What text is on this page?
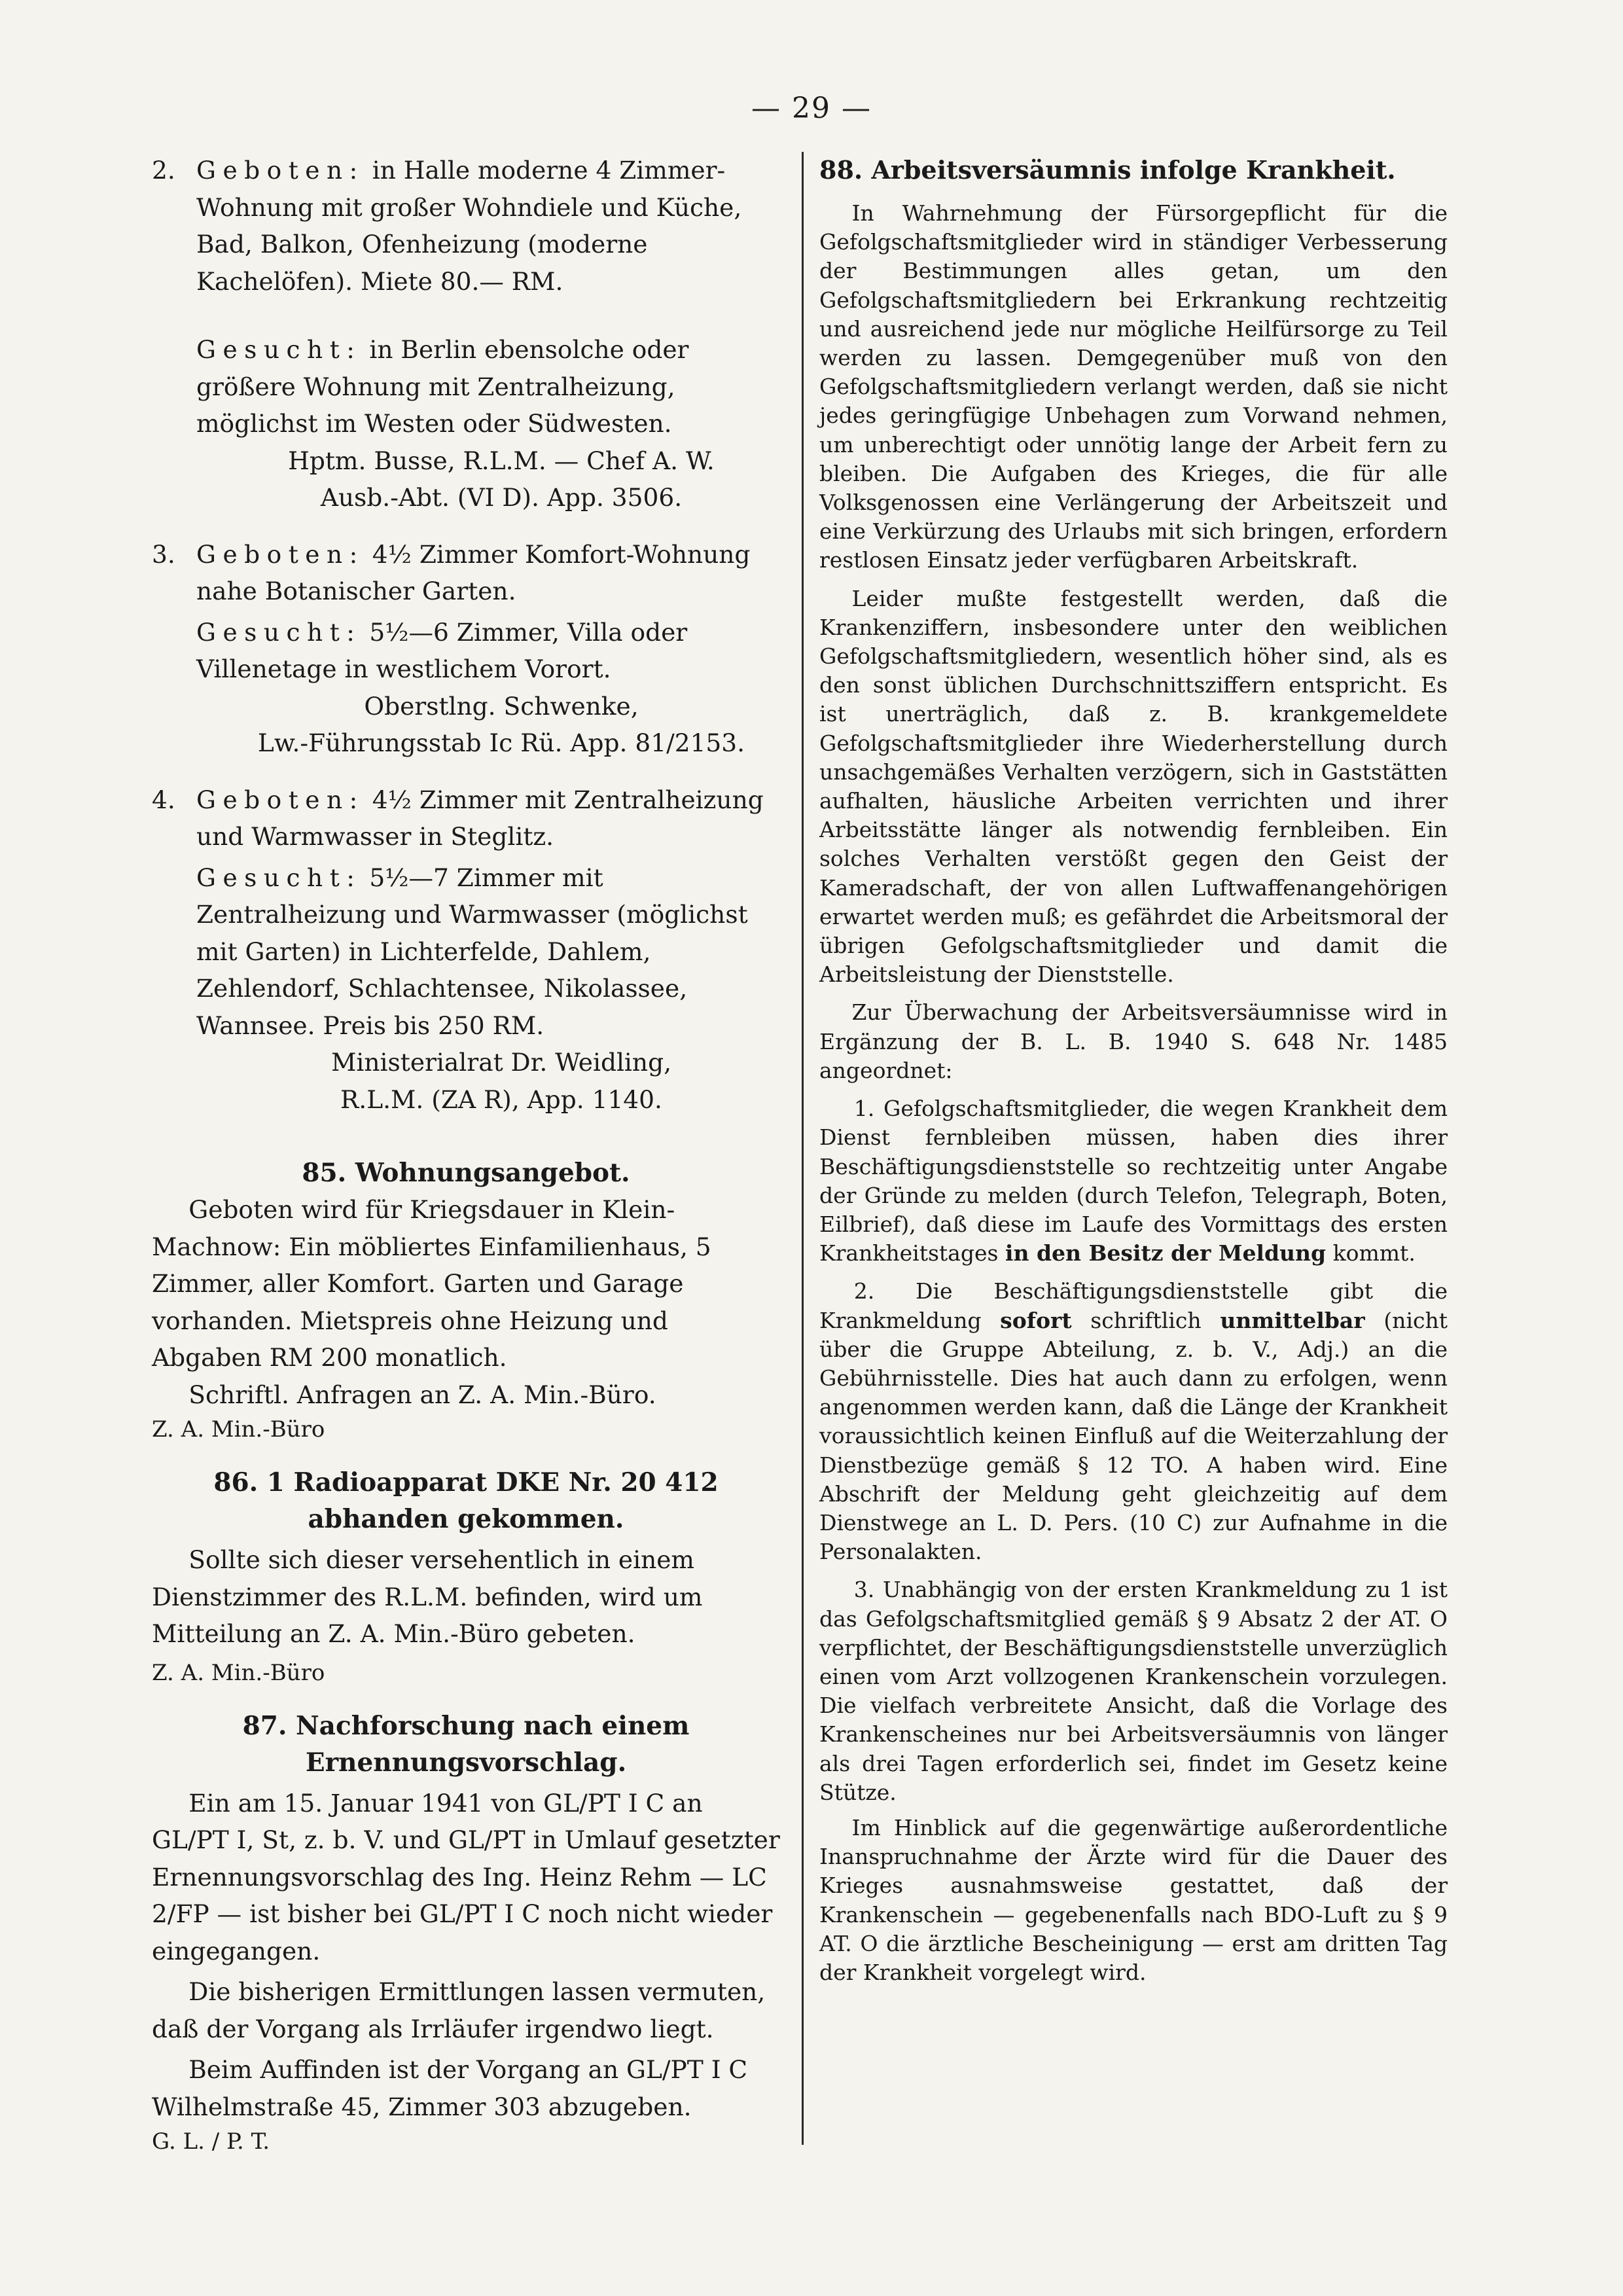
— 29 —
2. Geboten: in Halle moderne 4 Zimmer-Wohnung mit großer Wohndiele und Küche, Bad, Balkon, Ofenheizung (moderne Kachelöfen). Miete 80.— RM.

Gesucht: in Berlin ebensolche oder größere Wohnung mit Zentralheizung, möglichst im Westen oder Südwesten.

Hptm. Busse, R.L.M. — Chef A. W.

Ausb.-Abt. (VI D). App. 3506.

3. Geboten: 4½ Zimmer Komfort-Wohnung nahe Botanischer Garten.

Gesucht: 5½—6 Zimmer, Villa oder Villenetage in westlichem Vorort.

Oberstlng. Schwenke,

Lw.-Führungsstab Ic Rü. App. 81/2153.

4. Geboten: 4½ Zimmer mit Zentralheizung und Warmwasser in Steglitz.

Gesucht: 5½—7 Zimmer mit Zentralheizung und Warmwasser (möglichst mit Garten) in Lichterfelde, Dahlem, Zehlendorf, Schlachtensee, Nikolassee, Wannsee. Preis bis 250 RM.

Ministerialrat Dr. Weidling,

R.L.M. (ZA R), App. 1140.

85. Wohnungsangebot.

Geboten wird für Kriegsdauer in Klein-Machnow: Ein möbliertes Einfamilienhaus, 5 Zimmer, aller Komfort. Garten und Garage vorhanden. Mietspreis ohne Heizung und Abgaben RM 200 monatlich.

Schriftl. Anfragen an Z. A. Min.-Büro.

Z. A. Min.-Büro

86. 1 Radioapparat DKE Nr. 20 412 abhanden gekommen.

Sollte sich dieser versehentlich in einem Dienstzimmer des R.L.M. befinden, wird um Mitteilung an Z. A. Min.-Büro gebeten.

Z. A. Min.-Büro

87. Nachforschung nach einem Ernennungsvorschlag.

Ein am 15. Januar 1941 von GL/PT I C an GL/PT I, St, z. b. V. und GL/PT in Umlauf gesetzter Ernennungsvorschlag des Ing. Heinz Rehm — LC 2/FP — ist bisher bei GL/PT I C noch nicht wieder eingegangen.

Die bisherigen Ermittlungen lassen vermuten, daß der Vorgang als Irrläufer irgendwo liegt.

Beim Auffinden ist der Vorgang an GL/PT I C Wilhelmstraße 45, Zimmer 303 abzugeben.

G. L. / P. T.

88. Arbeitsversäumnis infolge Krankheit.

In Wahrnehmung der Fürsorgepflicht für die Gefolgschaftsmitglieder wird in ständiger Verbesserung der Bestimmungen alles getan, um den Gefolgschaftsmitgliedern bei Erkrankung rechtzeitig und ausreichend jede nur mögliche Heilfürsorge zu Teil werden zu lassen. Demgegenüber muß von den Gefolgschaftsmitgliedern verlangt werden, daß sie nicht jedes geringfügige Unbehagen zum Vorwand nehmen, um unberechtigt oder unnötig lange der Arbeit fern zu bleiben. Die Aufgaben des Krieges, die für alle Volksgenossen eine Verlängerung der Arbeitszeit und eine Verkürzung des Urlaubs mit sich bringen, erfordern restlosen Einsatz jeder verfügbaren Arbeitskraft.

Leider mußte festgestellt werden, daß die Krankenziffern, insbesondere unter den weiblichen Gefolgschaftsmitgliedern, wesentlich höher sind, als es den sonst üblichen Durchschnittsziffern entspricht. Es ist unerträglich, daß z. B. krankgemeldete Gefolgschaftsmitglieder ihre Wiederherstellung durch unsachgemäßes Verhalten verzögern, sich in Gaststätten aufhalten, häusliche Arbeiten verrichten und ihrer Arbeitsstätte länger als notwendig fernbleiben. Ein solches Verhalten verstößt gegen den Geist der Kameradschaft, der von allen Luftwaffenangehörigen erwartet werden muß; es gefährdet die Arbeitsmoral der übrigen Gefolgschaftsmitglieder und damit die Arbeitsleistung der Dienststelle.

Zur Überwachung der Arbeitsversäumnisse wird in Ergänzung der B. L. B. 1940 S. 648 Nr. 1485 angeordnet:

1. Gefolgschaftsmitglieder, die wegen Krankheit dem Dienst fernbleiben müssen, haben dies ihrer Beschäftigungsdienststelle so rechtzeitig unter Angabe der Gründe zu melden (durch Telefon, Telegraph, Boten, Eilbrief), daß diese im Laufe des Vormittags des ersten Krankheitstages in den Besitz der Meldung kommt.

2. Die Beschäftigungsdienststelle gibt die Krankmeldung sofort schriftlich unmittelbar (nicht über die Gruppe Abteilung, z. b. V., Adj.) an die Gebührnisstelle. Dies hat auch dann zu erfolgen, wenn angenommen werden kann, daß die Länge der Krankheit voraussichtlich keinen Einfluß auf die Weiterzahlung der Dienstbezüge gemäß § 12 TO. A haben wird. Eine Abschrift der Meldung geht gleichzeitig auf dem Dienstwege an L. D. Pers. (10 C) zur Aufnahme in die Personalakten.

3. Unabhängig von der ersten Krankmeldung zu 1 ist das Gefolgschaftsmitglied gemäß § 9 Absatz 2 der AT. O verpflichtet, der Beschäftigungsdienststelle unverzüglich einen vom Arzt vollzogenen Krankenschein vorzulegen. Die vielfach verbreitete Ansicht, daß die Vorlage des Krankenscheines nur bei Arbeitsversäumnis von länger als drei Tagen erforderlich sei, findet im Gesetz keine Stütze.

Im Hinblick auf die gegenwärtige außerordentliche Inanspruchnahme der Ärzte wird für die Dauer des Krieges ausnahmsweise gestattet, daß der Krankenschein — gegebenenfalls nach BDO-Luft zu § 9 AT. O die ärztliche Bescheinigung — erst am dritten Tag der Krankheit vorgelegt wird.
